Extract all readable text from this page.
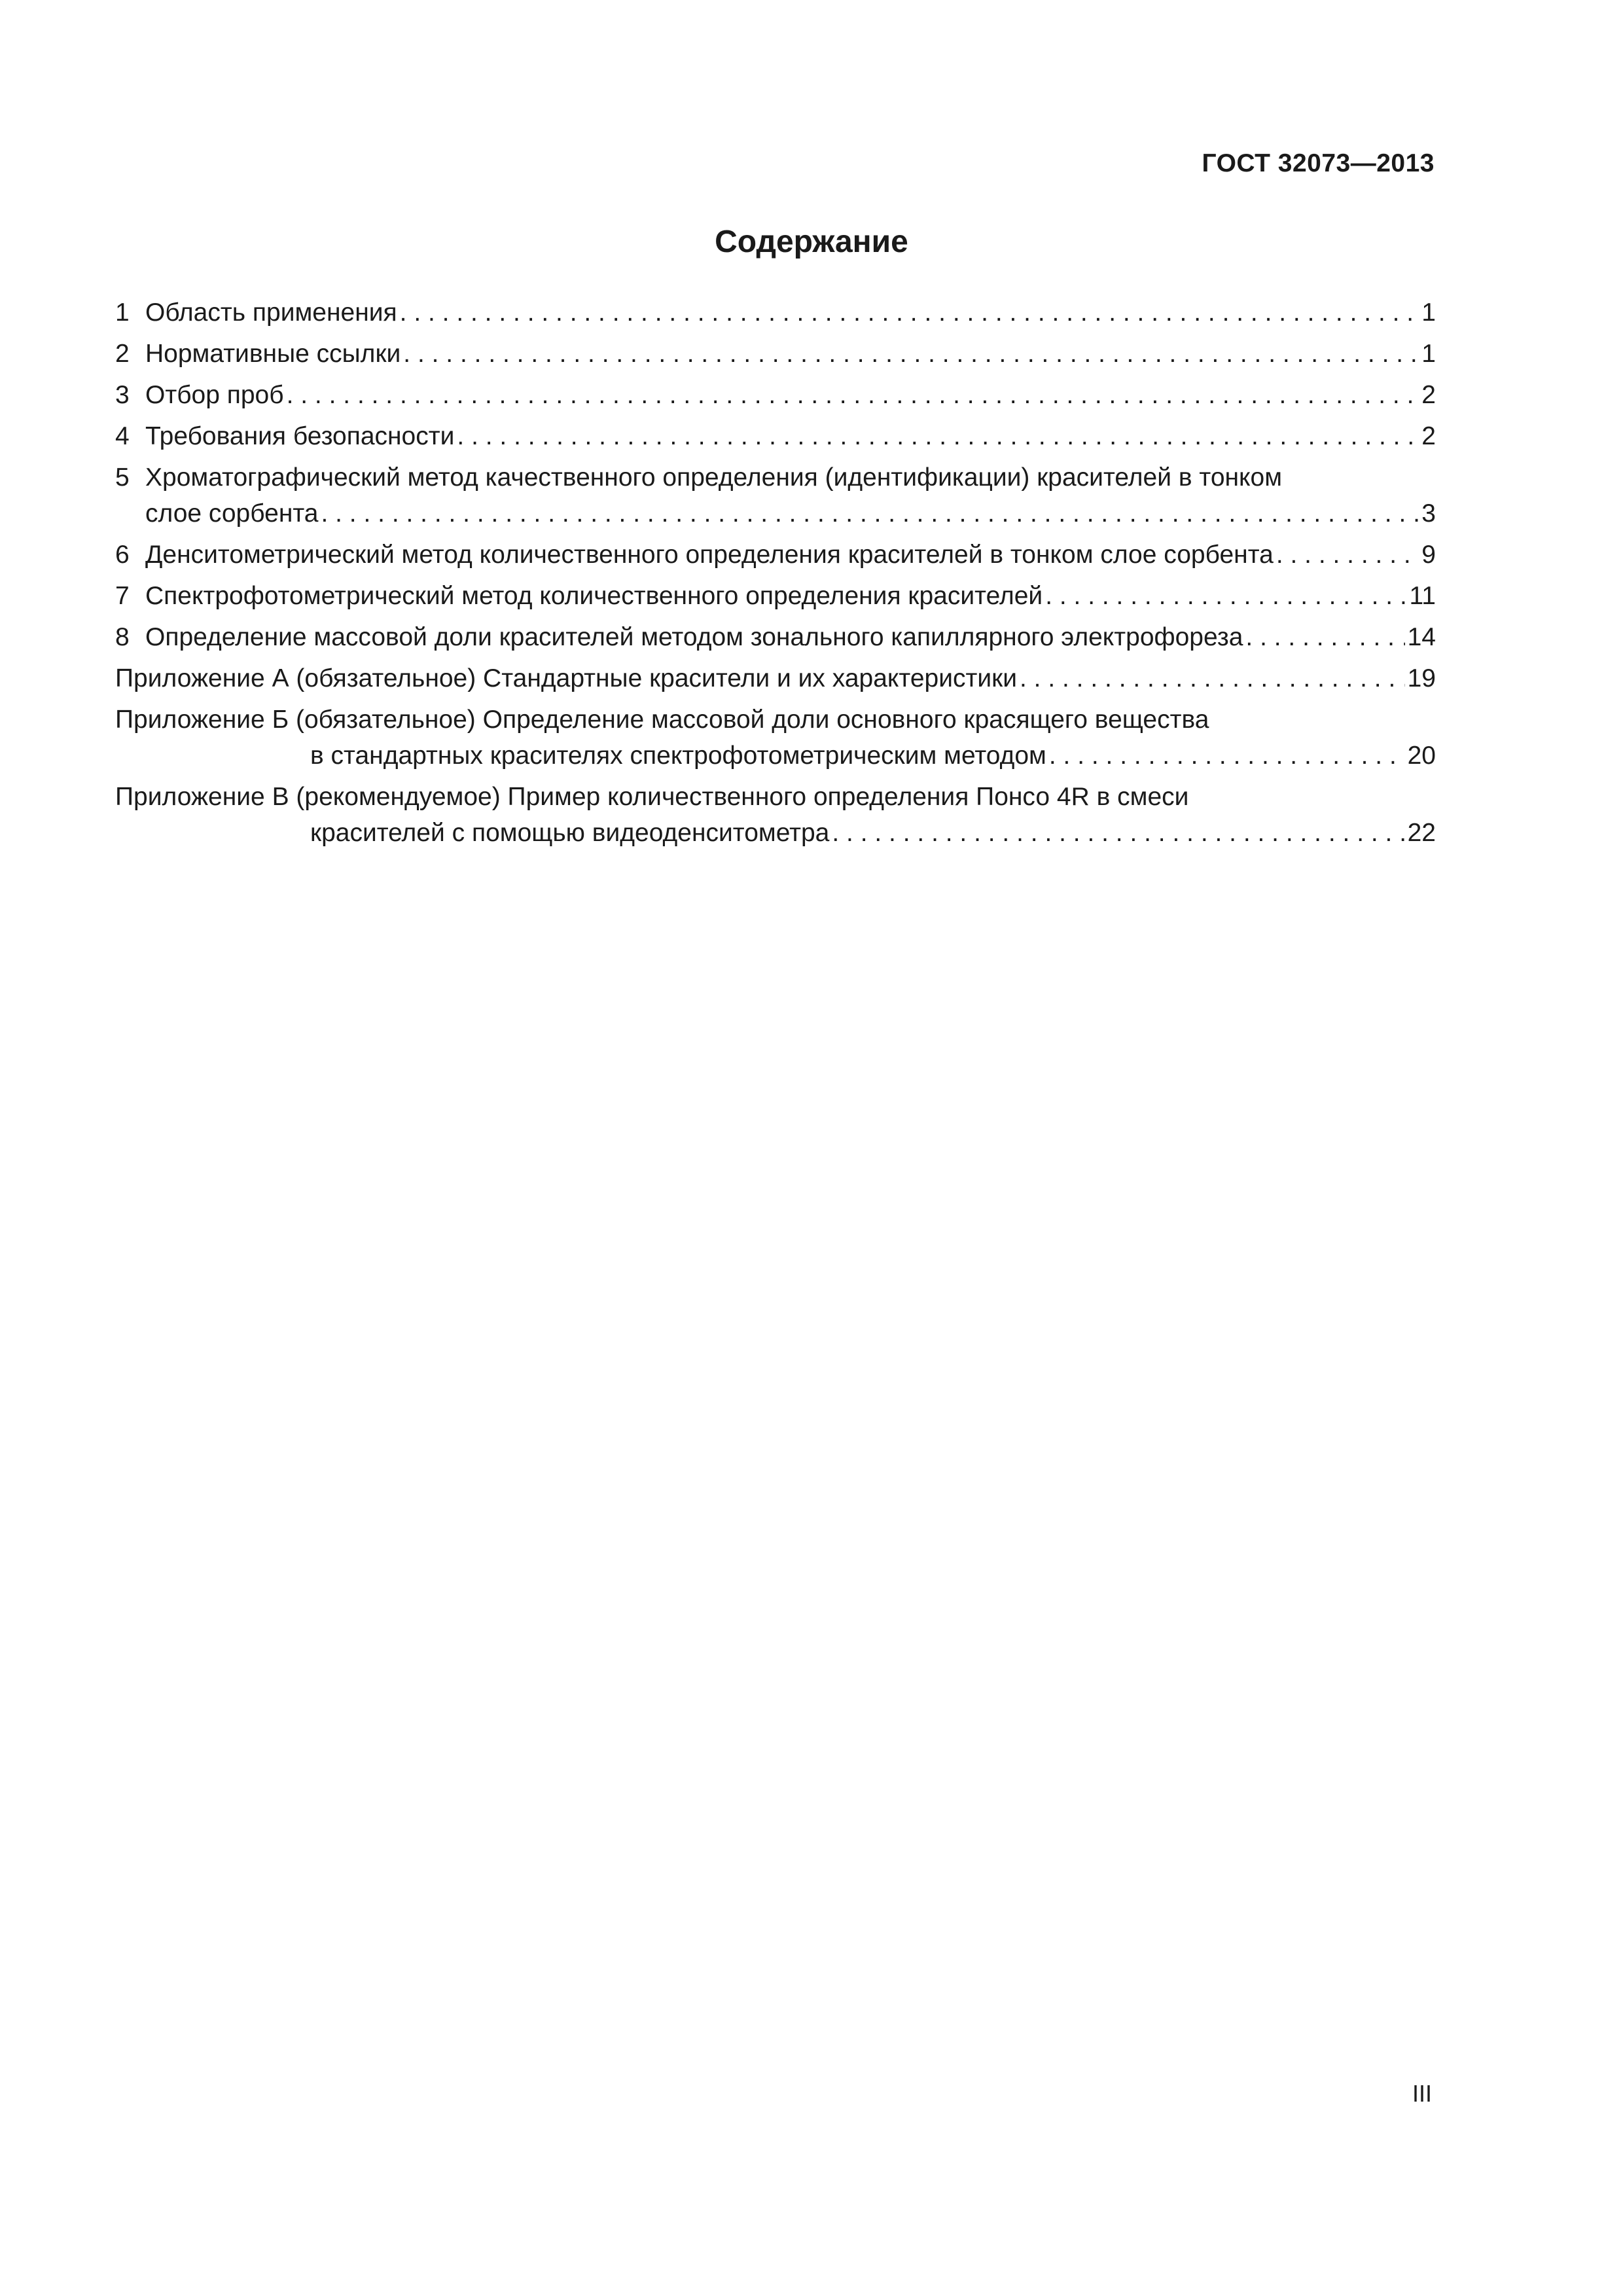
ГОСТ 32073—2013
Содержание
1 Область применения . . .	1
2 Нормативные ссылки . . .	1
3 Отбор проб . . .	2
4 Требования безопасности . . .	2
5 Хроматографический метод качественного определения (идентификации) красителей в тонком
слое сорбента . . .	3
6 Денситометрический метод количественного определения красителей в тонком слое сорбента . . .	9
7 Спектрофотометрический метод количественного определения красителей . . .	11
8 Определение массовой доли красителей методом зонального капиллярного электрофореза . . .	14
Приложение А (обязательное) Стандартные красители и их характеристики . . .	19
Приложение Б (обязательное) Определение массовой доли основного красящего вещества
в стандартных красителях спектрофотометрическим методом . . .	20
Приложение В (рекомендуемое) Пример количественного определения Понсо 4R в смеси
красителей с помощью видеоденситометра . . .	22
III
